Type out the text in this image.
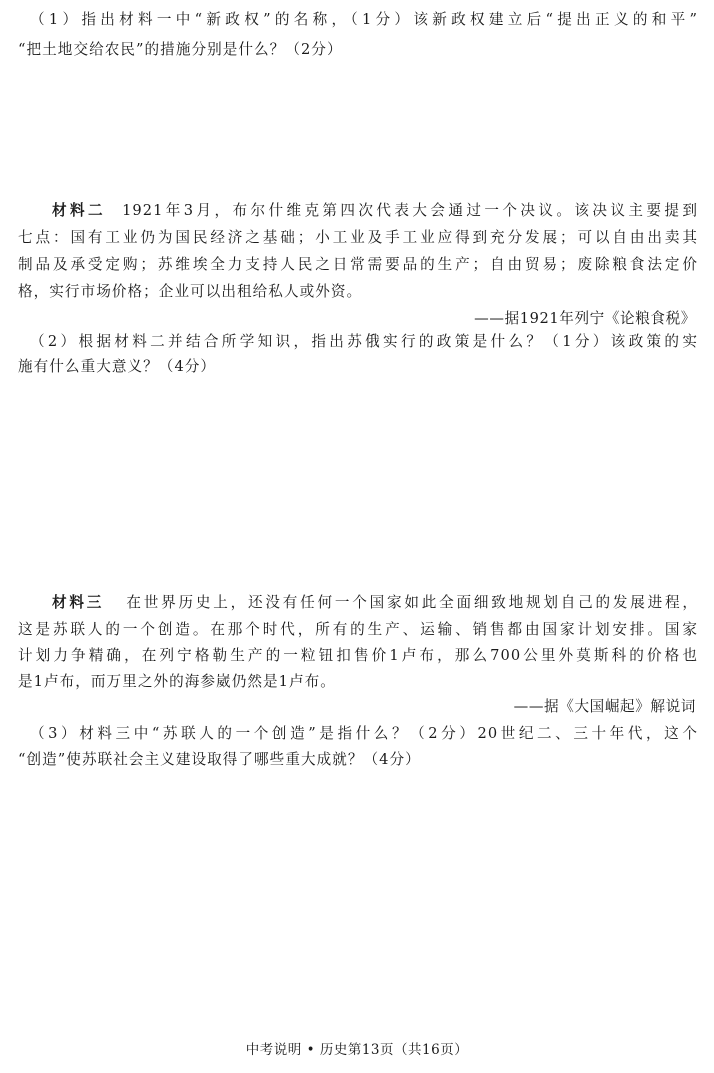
（1）指出材料一中“新政权”的名称，（1分）该新政权建立后“提出正义的和平”
“把土地交给农民”的措施分别是什么？（2分）
材料二 1921年3月，布尔什维克第四次代表大会通过一个决议。该决议主要提到
七点：国有工业仍为国民经济之基础；小工业及手工业应得到充分发展；可以自由出卖其
制品及承受定购；苏维埃全力支持人民之日常需要品的生产；自由贸易；废除粮食法定价
格，实行市场价格；企业可以出租给私人或外资。
——据1921年列宁《论粮食税》
（2）根据材料二并结合所学知识，指出苏俄实行的政策是什么？（1分）该政策的实
施有什么重大意义？（4分）
材料三 在世界历史上，还没有任何一个国家如此全面细致地规划自己的发展进程，
这是苏联人的一个创造。在那个时代，所有的生产、运输、销售都由国家计划安排。国家
计划力争精确，在列宁格勒生产的一粒钮扣售价1卢布，那么700公里外莫斯科的价格也
是1卢布，而万里之外的海参崴仍然是1卢布。
——据《大国崛起》解说词
（3）材料三中“苏联人的一个创造”是指什么？（2分）20世纪二、三十年代，这个
“创造”使苏联社会主义建设取得了哪些重大成就？（4分）
中考说明 • 历史第13页（共16页）
